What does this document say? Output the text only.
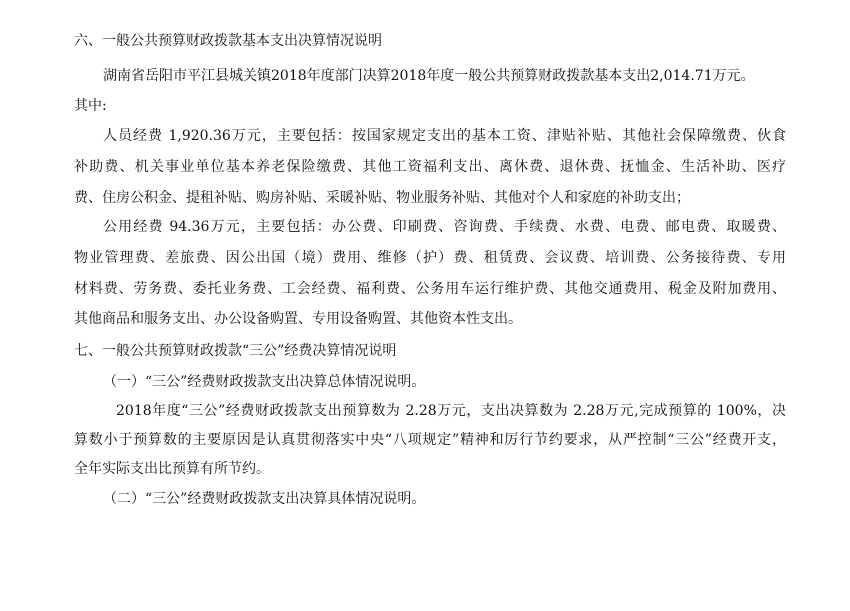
六、一般公共预算财政拨款基本支出决算情况说明
湖南省岳阳市平江县城关镇2018年度部门决算2018年度一般公共预算财政拨款基本支出2,014.71万元。
其中:
人员经费 1,920.36万元，主要包括：按国家规定支出的基本工资、津贴补贴、其他社会保障缴费、伙食
补助费、机关事业单位基本养老保险缴费、其他工资福利支出、离休费、退休费、抚恤金、生活补助、医疗
费、住房公积金、提租补贴、购房补贴、采暖补贴、物业服务补贴、其他对个人和家庭的补助支出；
公用经费 94.36万元，主要包括：办公费、印刷费、咨询费、手续费、水费、电费、邮电费、取暖费、
物业管理费、差旅费、因公出国（境）费用、维修（护）费、租赁费、会议费、培训费、公务接待费、专用
材料费、劳务费、委托业务费、工会经费、福利费、公务用车运行维护费、其他交通费用、税金及附加费用、
其他商品和服务支出、办公设备购置、专用设备购置、其他资本性支出。
七、一般公共预算财政拨款“三公”经费决算情况说明
（一）“三公”经费财政拨款支出决算总体情况说明。
2018年度“三公”经费财政拨款支出预算数为 2.28万元，支出决算数为 2.28万元,完成预算的 100%，决
算数小于预算数的主要原因是认真贯彻落实中央“八项规定”精神和厉行节约要求，从严控制“三公”经费开支，
全年实际支出比预算有所节约。
（二）“三公”经费财政拨款支出决算具体情况说明。
